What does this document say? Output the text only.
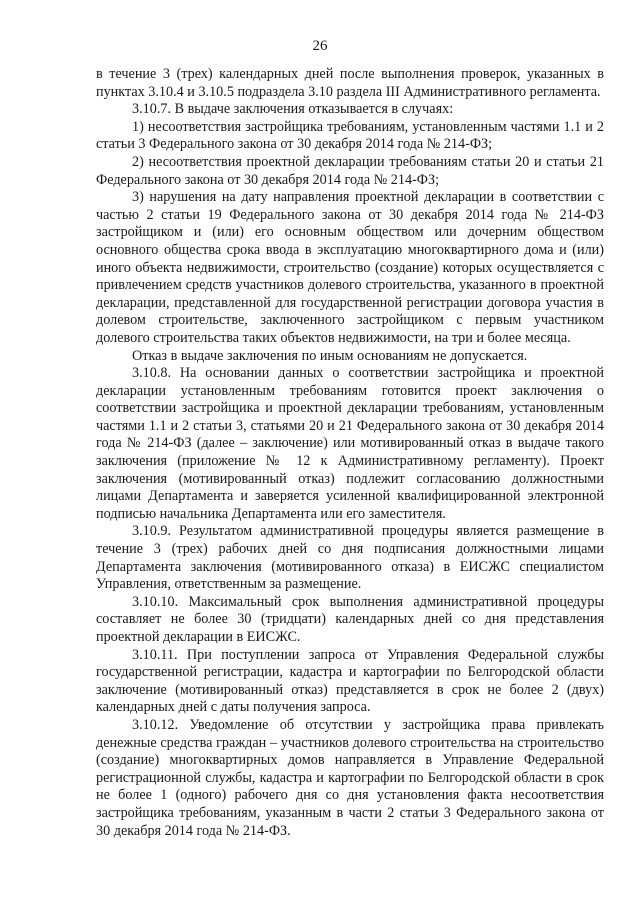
26

в течение 3 (трех) календарных дней после выполнения проверок, указанных в пунктах 3.10.4 и 3.10.5 подраздела 3.10 раздела III Административного регламента.

3.10.7. В выдаче заключения отказывается в случаях:

1) несоответствия застройщика требованиям, установленным частями 1.1 и 2 статьи 3 Федерального закона от 30 декабря 2014 года № 214-ФЗ;

2) несоответствия проектной декларации требованиям статьи 20 и статьи 21 Федерального закона от 30 декабря 2014 года № 214-ФЗ;

3) нарушения на дату направления проектной декларации в соответствии с частью 2 статьи 19 Федерального закона от 30 декабря 2014 года № 214-ФЗ застройщиком и (или) его основным обществом или дочерним обществом основного общества срока ввода в эксплуатацию многоквартирного дома и (или) иного объекта недвижимости, строительство (создание) которых осуществляется с привлечением средств участников долевого строительства, указанного в проектной декларации, представленной для государственной регистрации договора участия в долевом строительстве, заключенного застройщиком с первым участником долевого строительства таких объектов недвижимости, на три и более месяца.

Отказ в выдаче заключения по иным основаниям не допускается.

3.10.8. На основании данных о соответствии застройщика и проектной декларации установленным требованиям готовится проект заключения о соответствии застройщика и проектной декларации требованиям, установленным частями 1.1 и 2 статьи 3, статьями 20 и 21 Федерального закона от 30 декабря 2014 года № 214-ФЗ (далее – заключение) или мотивированный отказ в выдаче такого заключения (приложение № 12 к Административному регламенту). Проект заключения (мотивированный отказ) подлежит согласованию должностными лицами Департамента и заверяется усиленной квалифицированной электронной подписью начальника Департамента или его заместителя.

3.10.9. Результатом административной процедуры является размещение в течение 3 (трех) рабочих дней со дня подписания должностными лицами Департамента заключения (мотивированного отказа) в ЕИСЖС специалистом Управления, ответственным за размещение.

3.10.10. Максимальный срок выполнения административной процедуры составляет не более 30 (тридцати) календарных дней со дня представления проектной декларации в ЕИСЖС.

3.10.11. При поступлении запроса от Управления Федеральной службы государственной регистрации, кадастра и картографии по Белгородской области заключение (мотивированный отказ) представляется в срок не более 2 (двух) календарных дней с даты получения запроса.

3.10.12. Уведомление об отсутствии у застройщика права привлекать денежные средства граждан – участников долевого строительства на строительство (создание) многоквартирных домов направляется в Управление Федеральной регистрационной службы, кадастра и картографии по Белгородской области в срок не более 1 (одного) рабочего дня со дня установления факта несоответствия застройщика требованиям, указанным в части 2 статьи 3 Федерального закона от 30 декабря 2014 года № 214-ФЗ.
